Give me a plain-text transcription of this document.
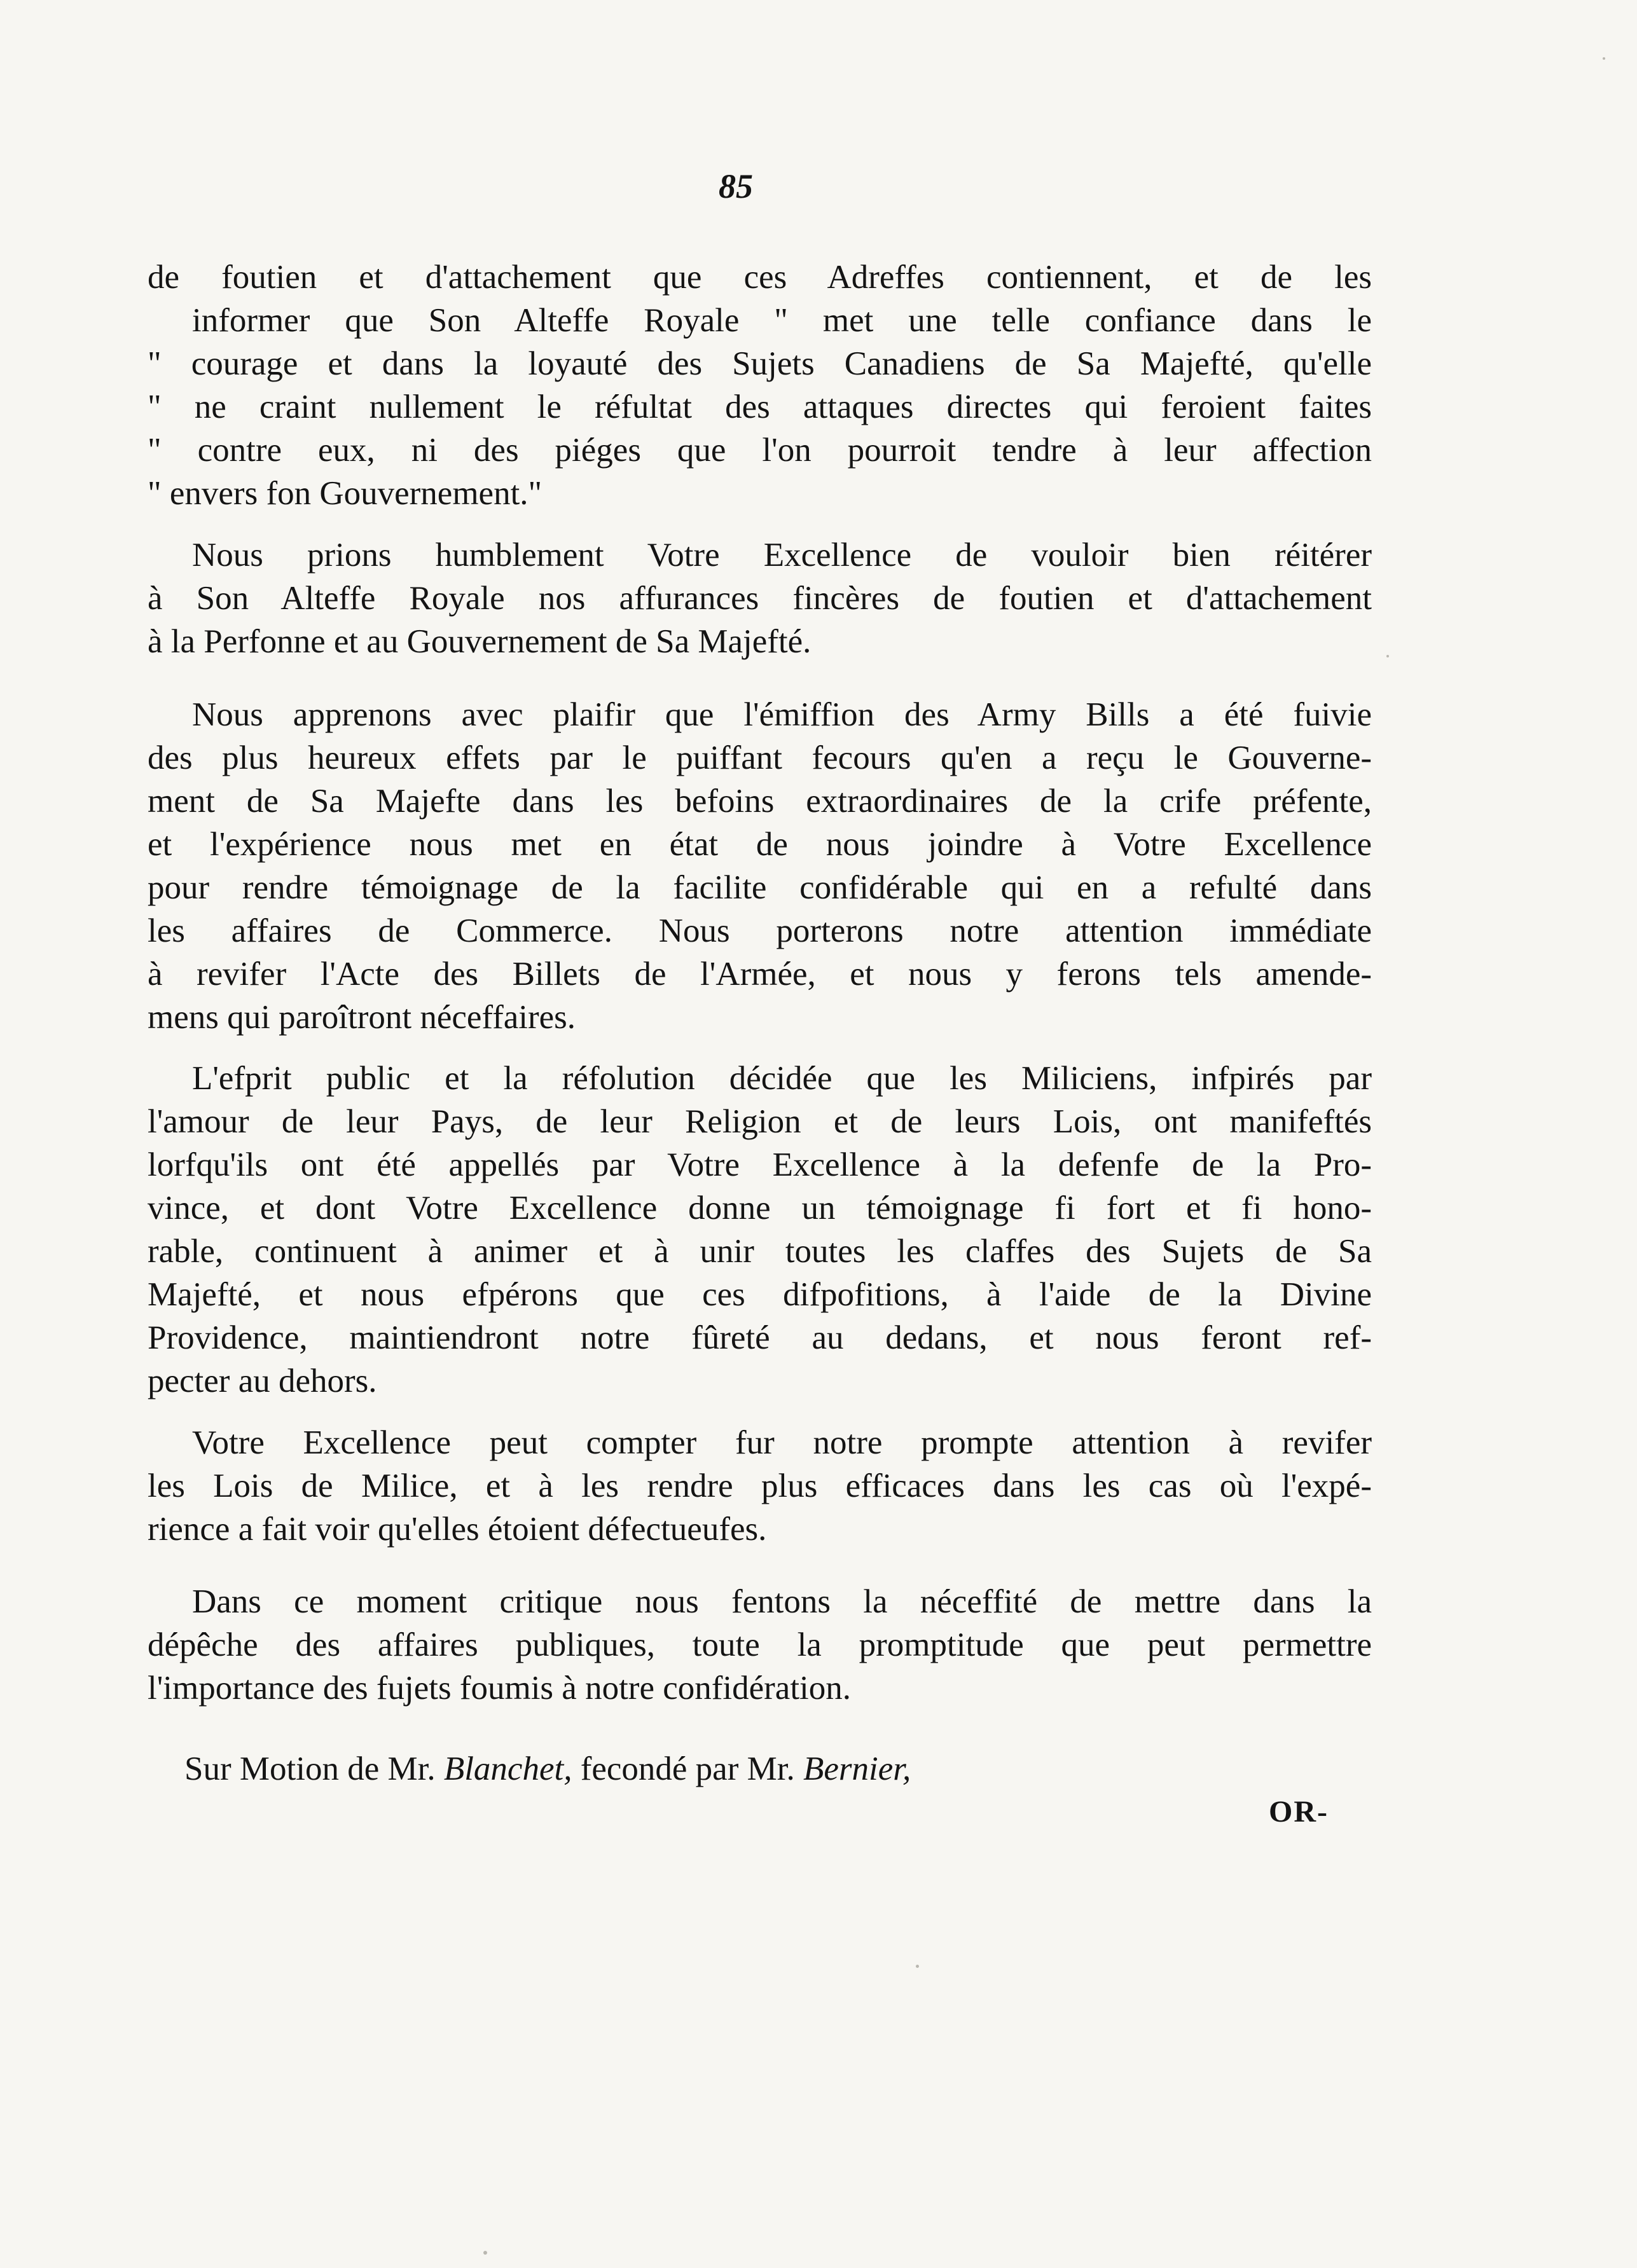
85
de foutien et d'attachement que ces Adreffes contiennent, et de les
informer que Son Alteffe Royale " met une telle confiance dans le
" courage et dans la loyauté des Sujets Canadiens de Sa Majefté, qu'elle
" ne craint nullement le réfultat des attaques directes qui feroient faites
" contre eux, ni des piéges que l'on pourroit tendre à leur affection
" envers fon Gouvernement."
Nous prions humblement Votre Excellence de vouloir bien réitérer
à Son Alteffe Royale nos affurances fincères de foutien et d'attachement
à la Perfonne et au Gouvernement de Sa Majefté.
Nous apprenons avec plaifir que l'émiffion des Army Bills a été fuivie
des plus heureux effets par le puiffant fecours qu'en a reçu le Gouverne-
ment de Sa Majefte dans les befoins extraordinaires de la crife préfente,
et l'expérience nous met en état de nous joindre à Votre Excellence
pour rendre témoignage de la facilite confidérable qui en a refulté dans
les affaires de Commerce. Nous porterons notre attention immédiate
à revifer l'Acte des Billets de l'Armée, et nous y ferons tels amende-
mens qui paroîtront néceffaires.
L'efprit public et la réfolution décidée que les Miliciens, infpirés par
l'amour de leur Pays, de leur Religion et de leurs Lois, ont manifeftés
lorfqu'ils ont été appellés par Votre Excellence à la defenfe de la Pro-
vince, et dont Votre Excellence donne un témoignage fi fort et fi hono-
rable, continuent à animer et à unir toutes les claffes des Sujets de Sa
Majefté, et nous efpérons que ces difpofitions, à l'aide de la Divine
Providence, maintiendront notre fûreté au dedans, et nous feront ref-
pecter au dehors.
Votre Excellence peut compter fur notre prompte attention à revifer
les Lois de Milice, et à les rendre plus efficaces dans les cas où l'expé-
rience a fait voir qu'elles étoient défectueufes.
Dans ce moment critique nous fentons la néceffité de mettre dans la
dépêche des affaires publiques, toute la promptitude que peut permettre
l'importance des fujets foumis à notre confidération.
Sur Motion de Mr. Blanchet, fecondé par Mr. Bernier,
OR-
